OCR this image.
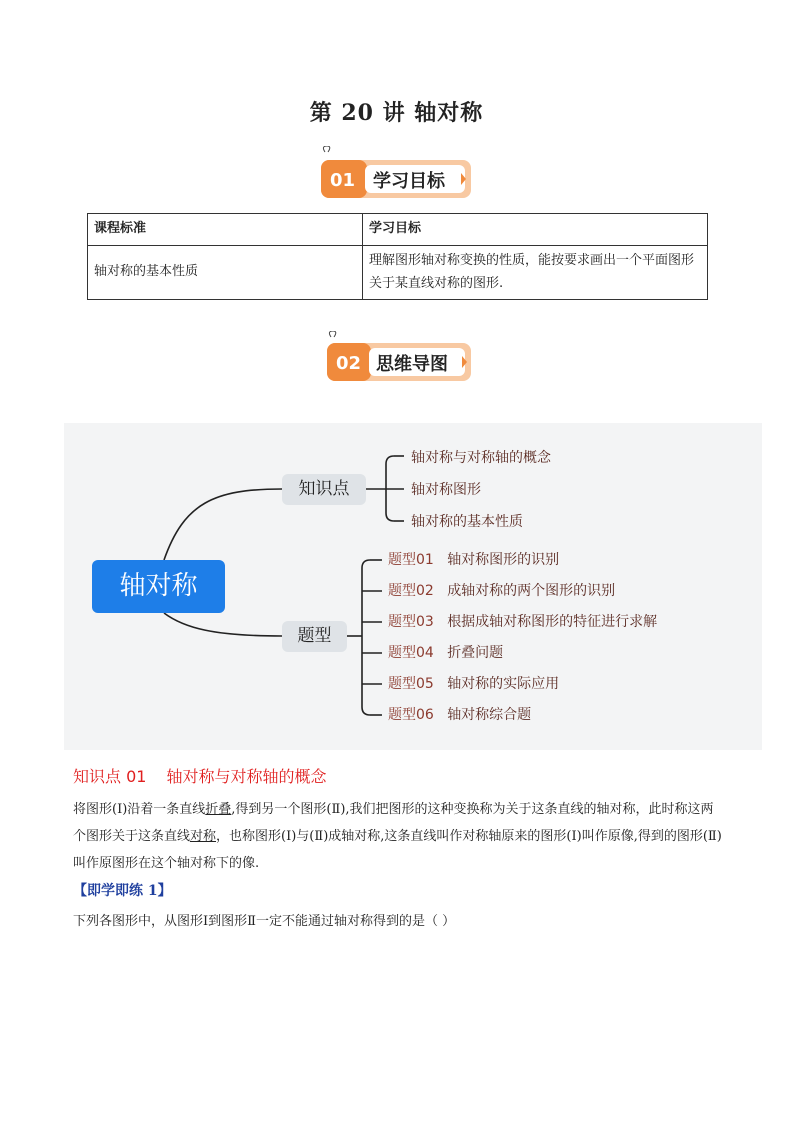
第 20 讲 轴对称
01 学习目标
课程标准	学习目标
轴对称的基本性质	理解图形轴对称变换的性质，能按要求画出一个平面图形关于某直线对称的图形.
02 思维导图
轴对称
知识点
题型
轴对称与对称轴的概念
轴对称图形
轴对称的基本性质
题型01 轴对称图形的识别
题型02 成轴对称的两个图形的识别
题型03 根据成轴对称图形的特征进行求解
题型04 折叠问题
题型05 轴对称的实际应用
题型06 轴对称综合题
知识点 01 轴对称与对称轴的概念
将图形(Ⅰ)沿着一条直线折叠,得到另一个图形(Ⅱ),我们把图形的这种变换称为关于这条直线的轴对称，此时称这两个图形关于这条直线对称，也称图形(Ⅰ)与(Ⅱ)成轴对称,这条直线叫作对称轴原来的图形(Ⅰ)叫作原像,得到的图形(Ⅱ)叫作原图形在这个轴对称下的像.
【即学即练 1】
下列各图形中，从图形Ⅰ到图形Ⅱ一定不能通过轴对称得到的是（ ）
